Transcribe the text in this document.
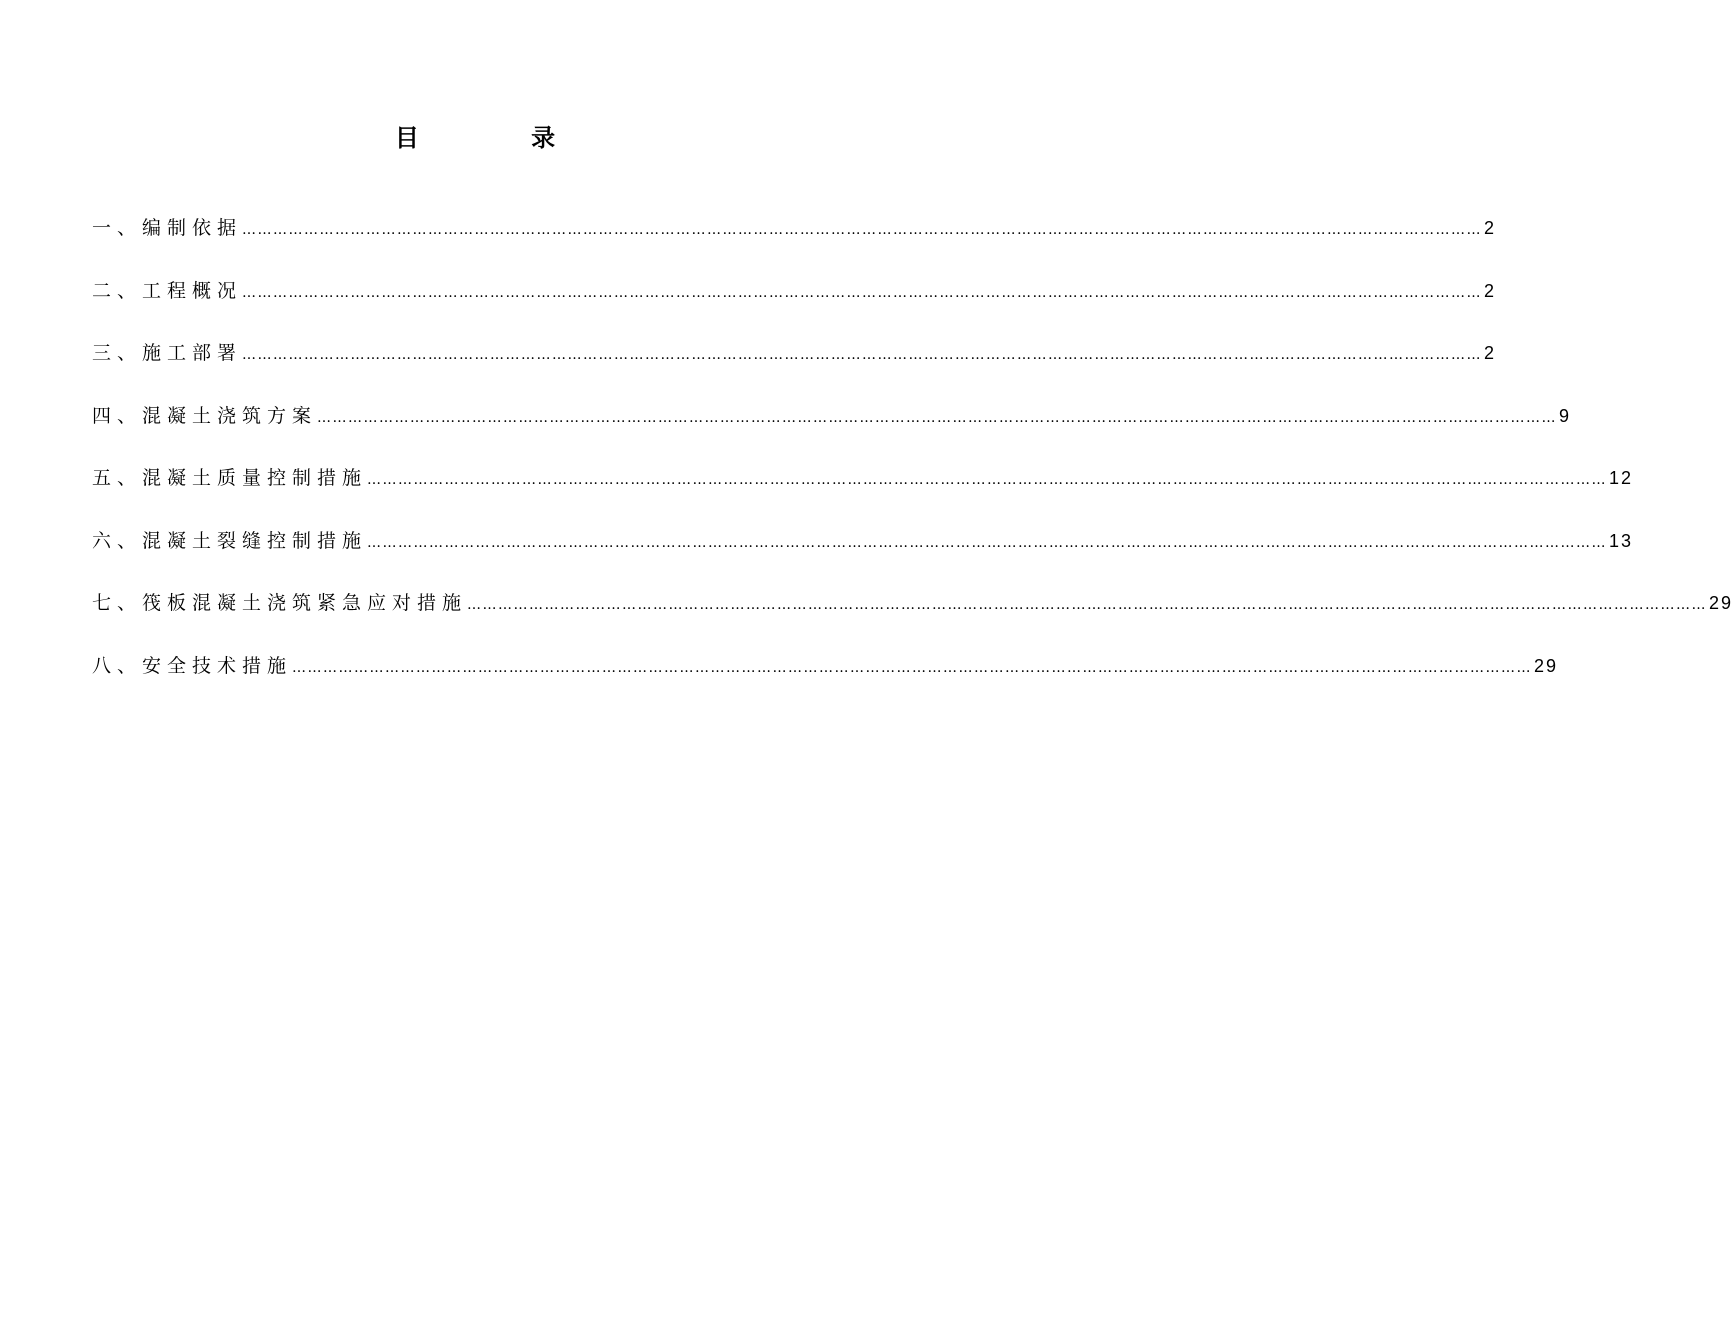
目 录
一、 编制依据 …………………………………………………………………………………………………………………………………………………………………………………………………………………… 2
二、 工程概况 …………………………………………………………………………………………………………………………………………………………………………………………………………………… 2
三、 施工部署 …………………………………………………………………………………………………………………………………………………………………………………………………………………… 2
四、 混凝土浇筑方案 …………………………………………………………………………………………………………………………………………………………………………………………………………………… 9
五、 混凝土质量控制措施 …………………………………………………………………………………………………………………………………………………………………………………………………………………… 12
六、 混凝土裂缝控制措施 …………………………………………………………………………………………………………………………………………………………………………………………………………………… 13
七、 筏板混凝土浇筑紧急应对措施 …………………………………………………………………………………………………………………………………………………………………………………………………………………… 29
八、 安全技术措施 …………………………………………………………………………………………………………………………………………………………………………………………………………………… 29
